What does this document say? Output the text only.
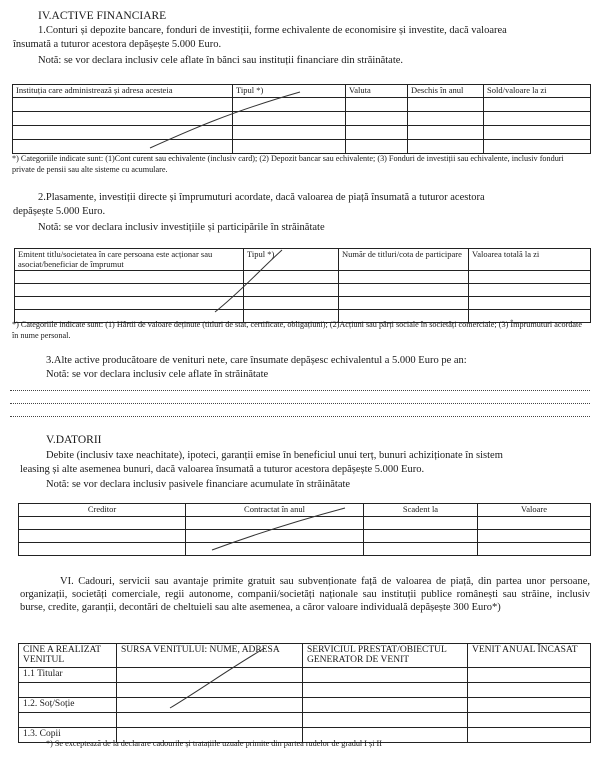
IV.ACTIVE FINANCIARE
1.Conturi și depozite bancare, fonduri de investiții, forme echivalente de economisire și investite, dacă valoarea
însumată a tuturor acestora depășește 5.000 Euro.
Notă: se vor declara inclusiv cele aflate în bănci sau instituții financiare din străinătate.
Instituția care administrează și adresa acesteia	Tipul *)	Valuta	Deschis în anul	Sold/valoare la zi

*) Categoriile indicate sunt: (1)Cont curent sau echivalente (inclusiv card); (2) Depozit bancar sau echivalente; (3) Fonduri de investiții sau echivalente, inclusiv fonduri private de pensii sau alte sisteme cu acumulare.
2.Plasamente, investiții directe și împrumuturi acordate, dacă valoarea de piață însumată a tuturor acestora
depășește 5.000 Euro.
Notă: se vor declara inclusiv investițiile și participările în străinătate
Emitent titlu/societatea în care persoana este acționar sau asociat/beneficiar de împrumut	Tipul *)	Număr de titluri/cota de participare	Valoarea totală la zi

*) Categoriile indicate sunt: (1) Hârtii de valoare deținute (titluri de stat, certificate, obligațiuni); (2)Acțiuni sau părți sociale în societăți comerciale; (3) Împrumuturi acordate în nume personal.
3.Alte active producătoare de venituri nete, care însumate depășesc echivalentul a 5.000 Euro pe an:
Notă: se vor declara inclusiv cele aflate în străinătate
V.DATORII
Debite (inclusiv taxe neachitate), ipoteci, garanții emise în beneficiul unui terț, bunuri achiziționate în sistem
leasing și alte asemenea bunuri, dacă valoarea însumată a tuturor acestora depășește 5.000 Euro.
Notă: se vor declara inclusiv pasivele financiare acumulate în străinătate
Creditor	Contractat în anul	Scadent la	Valoare

VI. Cadouri, servicii sau avantaje primite gratuit sau subvenționate față de valoarea de piață, din partea unor persoane, organizații, societăți comerciale, regii autonome, companii/societăți naționale sau instituții publice românești sau străine, inclusiv burse, credite, garanții, decontări de cheltuieli sau alte asemenea, a căror valoare individuală depășește 300 Euro*)
CINE A REALIZAT VENITUL	SURSA VENITULUI: NUME, ADRESA	SERVICIUL PRESTAT/OBIECTUL GENERATOR DE VENIT	VENIT ANUAL ÎNCASAT
1.1 Titular			

1.2. Soț/Soție			

1.3. Copii			
*) Se exceptează de la declarare cadourile și tratațiile uzuale primite din partea rudelor de gradul I și II
